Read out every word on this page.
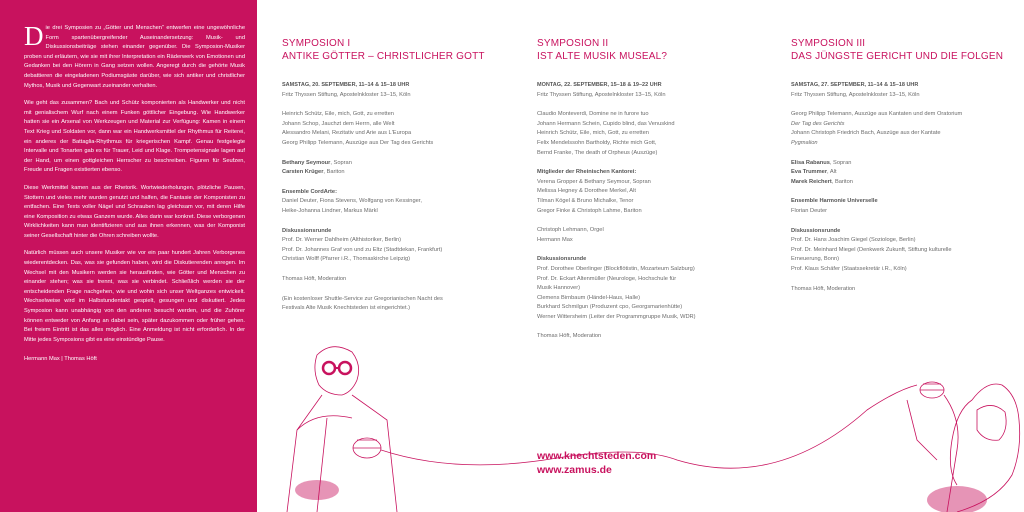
Die drei Symposien zu „Götter und Menschen“ entwerfen eine ungewöhnliche Form spartenübergreifender Auseinandersetzung: Musik- und Diskussionsbeiträge stehen einander gegenüber. Die Symposion-Musiker proben und erläutern, wie sie mit ihrer Interpretation ein Räderwerk von Emotionen und Gedanken bei den Hörern in Gang setzen wollen. Angeregt durch die gehörte Musik debattieren die eingeladenen Podiumsgäste darüber, wie sich antiker und christlicher Mythos, Musik und Gegenwart zueinander verhalten.

Wie geht das zusammen? Bach und Schütz komponierten als Handwerker und nicht mit genialischem Wurf nach einem Funken göttlicher Eingebung. Wie Handwerker hatten sie ein Arsenal von Werkzeugen und Material zur Verfügung: Kamen in einem Text Krieg und Soldaten vor, dann war ein Handwerksmittel der Rhythmus für Reiterei, ein anderes der Battaglia-Rhythmus für kriegerischen Kampf. Genau festgelegte Intervalle und Tonarten gab es für Trauer, Leid und Klage. Trompetensignale lagen auf der Hand, um einen gottgleichen Herrscher zu beschreiben. Figuren für Seufzen, Freude und Fragen existierten ebenso.

Diese Werkmittel kamen aus der Rhetorik. Wortwiederholungen, plötzliche Pausen, Stottern und vieles mehr wurden genutzt und halfen, die Fantasie der Komponisten zu entfachen. Eine Texts voller Nägel und Schrauben lag gleichsam vor, mit deren Hilfe eine Komposition zu etwas Ganzem wurde. Alles darin war konkret. Diese verborgenen Wirklichkeiten kann man identifizieren und aus ihnen erkennen, was der Komponist seiner Gesellschaft hinter die Ohren schreiben wollte.

Natürlich müssen auch unsere Musiker wie vor ein paar hundert Jahren Verborgenes wiederentdecken. Das, was sie gefunden haben, wird die Diskutierenden anregen. Im Wechsel mit den Musikern werden sie herausfinden, wie Götter und Menschen zu einander stehen; was sie trennt, was sie verbindet. Schließlich werden sie der entscheidenden Frage nachgehen, wie und wohin sich unser Weltganzes entwickelt. Wechselweise wird im Halbstundentakt gespielt, gesungen und diskutiert. Jedes Symposion kann unabhängig von den anderen besucht werden, und die Zuhörer können entweder von Anfang an dabei sein, später dazukommen oder früher gehen. Bei freiem Eintritt ist das alles möglich. Eine Anmeldung ist nicht erforderlich. In der Mitte jedes Symposions gibt es eine einstündige Pause.

Hermann Max | Thomas Höft
SYMPOSION I
ANTIKE GÖTTER – CHRISTLICHER GOTT
SAMSTAG, 20. SEPTEMBER, 11–14 & 15–18 UHR
Fritz Thyssen Stiftung, Apostelnkloster 13–15, Köln
Heinrich Schütz, Eile, mich, Gott, zu erretten
Johann Schop, Jauchzt dem Herrn, alle Welt
Alessandro Melani, Rezitativ und Arie aus L'Europa
Georg Philipp Telemann, Auszüge aus Der Tag des Gerichts
Bethany Seymour, Sopran
Carsten Krüger, Bariton
Ensemble CordArte:
Daniel Deuter, Fiona Stevens, Wolfgang von Kessinger,
Heike-Johanna Lindner, Markus Märkl
Diskussionsrunde
Prof. Dr. Werner Dahlheim (Althistoriker, Berlin)
Prof. Dr. Johannes Graf von und zu Eltz (Stadtdekan, Frankfurt)
Christian Wolff (Pfarrer i.R., Thomaskirche Leipzig)
Thomas Höft, Moderation
(Ein kostenloser Shuttle-Service zur Gregorianischen Nacht des
Festivals Alte Musik Knechtsteden ist eingerichtet.)
SYMPOSION II
IST ALTE MUSIK MUSEAL?
MONTAG, 22. SEPTEMBER, 15–18 & 19–22 UHR
Fritz Thyssen Stiftung, Apostelnkloster 13–15, Köln
Claudio Monteverdi, Domine ne in furore tuo
Johann Hermann Schein, Cupido blind, das Venuskind
Heinrich Schütz, Eile, mich, Gott, zu erretten
Felix Mendelssohn Bartholdy, Richte mich Gott,
Bernd Franke, The death of Orpheus (Auszüge)
Mitglieder der Rheinischen Kantorei:
Verena Gropper & Bethany Seymour, Sopran
Melissa Hegney & Dorothee Merkel, Alt
Tilman Kögel & Bruno Michalke, Tenor
Gregor Finke & Christoph Lahme, Bariton
Christoph Lehmann, Orgel
Hermann Max
Diskussionsrunde
Prof. Dorothee Oberlinger (Blockflötistin, Mozarteum Salzburg)
Prof. Dr. Eckart Altenmüller (Neurologe, Hochschule für
Musik Hannover)
Clemens Birnbaum (Händel-Haus, Halle)
Burkhard Schmilgun (Produzent cpo, Georgsmarienhütte)
Werner Wittersheim (Leiter der Programmgruppe Musik, WDR)
Thomas Höft, Moderation
SYMPOSION III
DAS JÜNGSTE GERICHT UND DIE FOLGEN
SAMSTAG, 27. SEPTEMBER, 11–14 & 15–18 UHR
Fritz Thyssen Stiftung, Apostelnkloster 13–15, Köln
Georg Philipp Telemann, Auszüge aus Kantaten und dem Oratorium
Der Tag des Gerichts
Johann Christoph Friedrich Bach, Auszüge aus der Kantate
Pygmalion
Elisa Rabanus, Sopran
Eva Trummer, Alt
Marek Reichert, Bariton
Ensemble Harmonie Universelle
Florian Deuter
Diskussionsrunde
Prof. Dr. Hans Joachim Giegel (Soziologe, Berlin)
Prof. Dr. Meinhard Miegel (Denkwerk Zukunft, Stiftung kulturelle
Erneuerung, Bonn)
Prof. Klaus Schäfer (Staatssekretär i.R., Köln)
Thomas Höft, Moderation
www.knechtsteden.com
www.zamus.de
